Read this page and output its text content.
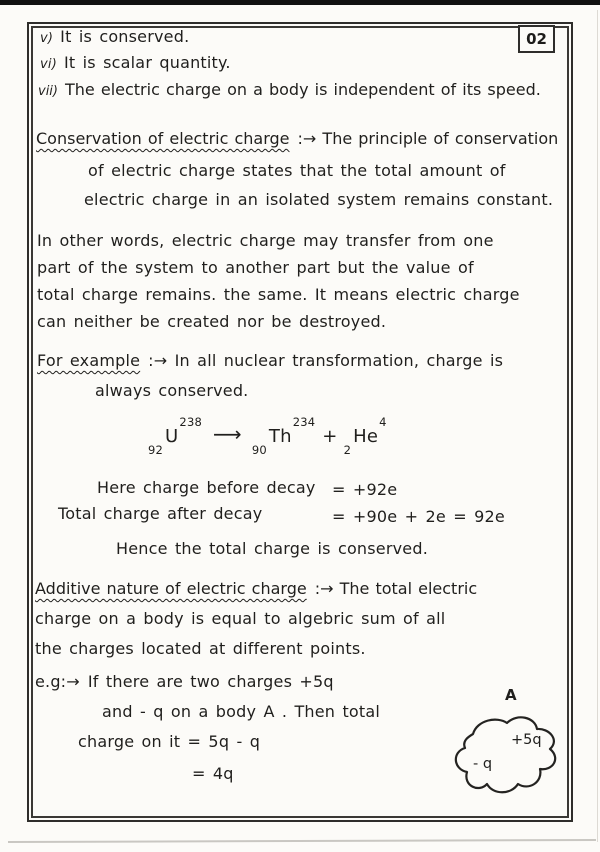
02
v) It is conserved.
vi) It is scalar quantity.
vii) The electric charge on a body is independent of its speed.
Conservation of electric charge :→ The principle of conservation
of electric charge states that the total amount of
electric charge in an isolated system remains constant.
In other words, electric charge may transfer from one
part of the system to another part but the value of
total charge remains. the same. It means electric charge
can neither be created nor be destroyed.
For example :→ In all nuclear transformation, charge is
always conserved.
$_{92}U^{238}$ $⟶_{90}Th^{234}+_2He^4$
Here charge before decay = +92e
Total charge after decay	= +90e + 2e = 92e
Hence the total charge is conserved.
Additive nature of electric charge :→ The total electric
charge on a body is equal to algebric sum of all
the charges located at different points.
e.g:→ If there are two charges +5q
and - q on a body A . Then total
charge on it = 5q - q
= 4q
A
+5q
- q
